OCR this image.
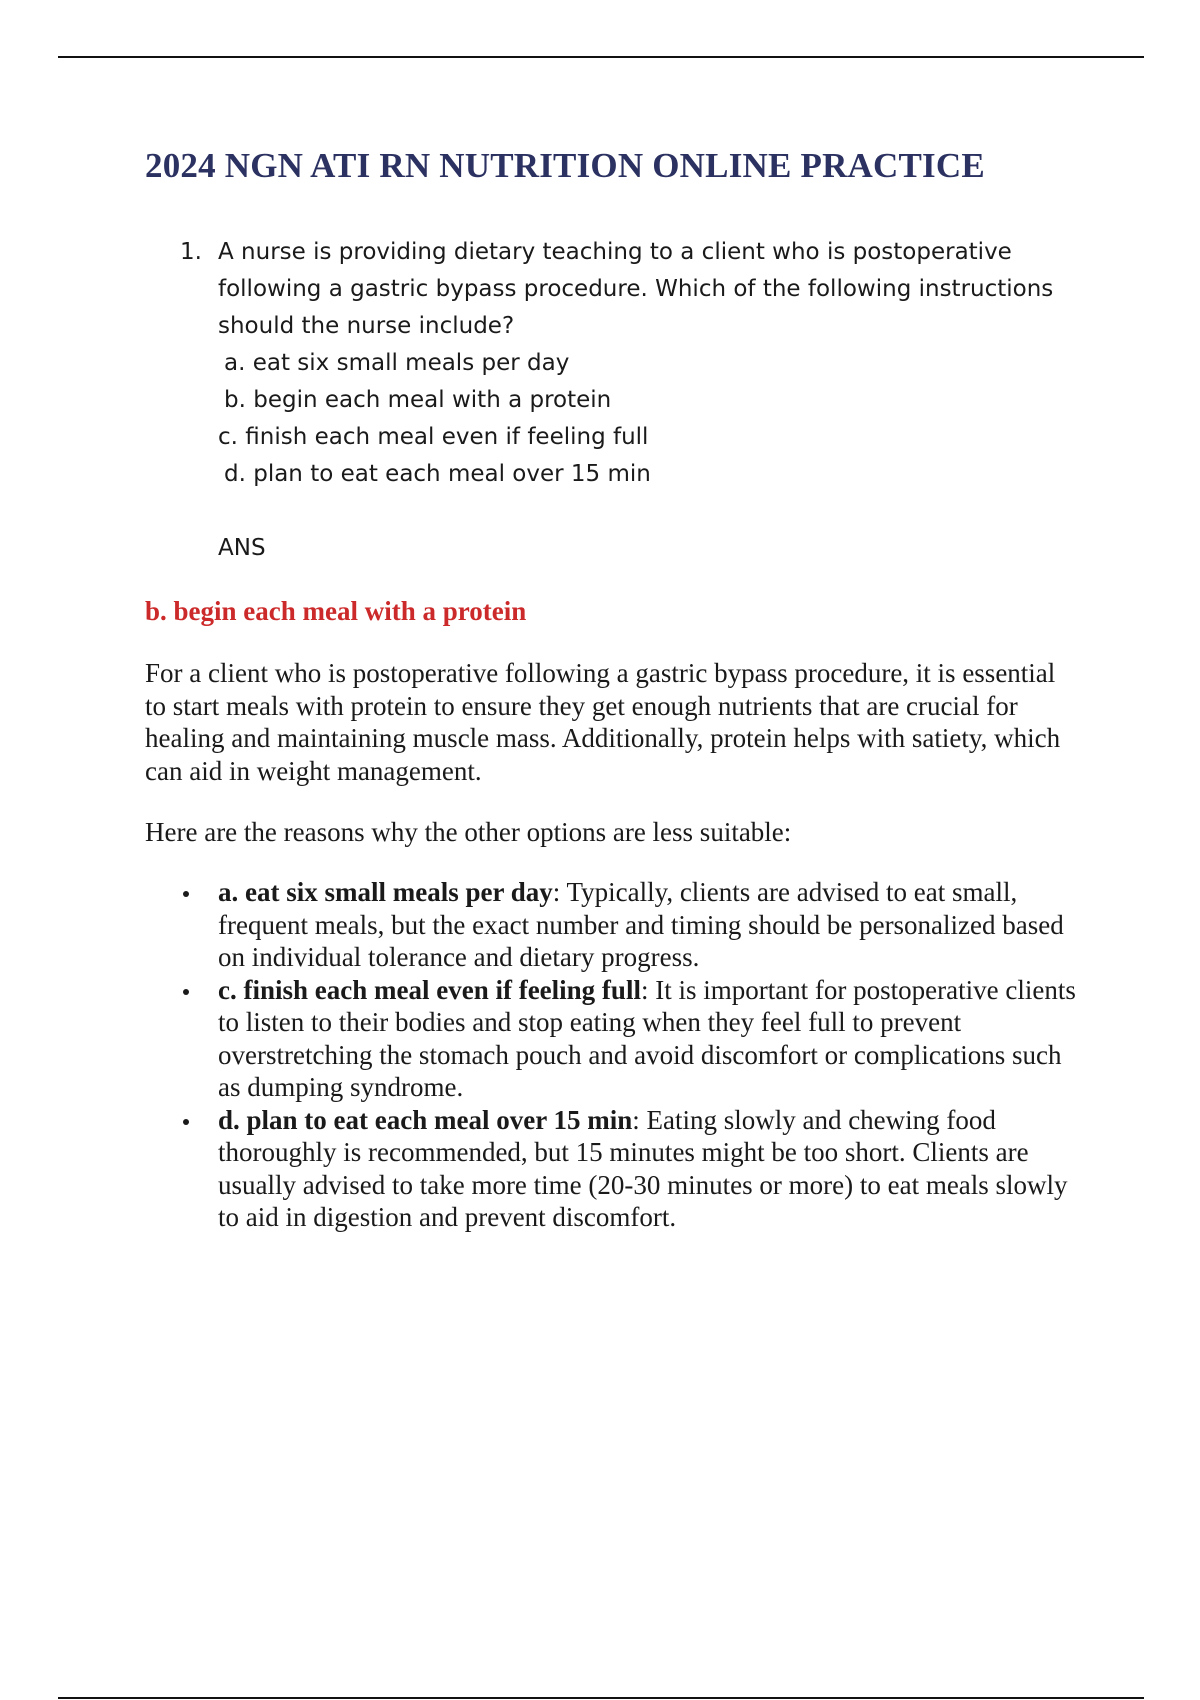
2024 NGN ATI RN NUTRITION ONLINE PRACTICE
1. A nurse is providing dietary teaching to a client who is postoperative following a gastric bypass procedure. Which of the following instructions should the nurse include?
a. eat six small meals per day
b. begin each meal with a protein
c. finish each meal even if feeling full
d. plan to eat each meal over 15 min
ANS

b. begin each meal with a protein

For a client who is postoperative following a gastric bypass procedure, it is essential to start meals with protein to ensure they get enough nutrients that are crucial for healing and maintaining muscle mass. Additionally, protein helps with satiety, which can aid in weight management.

Here are the reasons why the other options are less suitable:

a. eat six small meals per day: Typically, clients are advised to eat small, frequent meals, but the exact number and timing should be personalized based on individual tolerance and dietary progress.
c. finish each meal even if feeling full: It is important for postoperative clients to listen to their bodies and stop eating when they feel full to prevent overstretching the stomach pouch and avoid discomfort or complications such as dumping syndrome.
d. plan to eat each meal over 15 min: Eating slowly and chewing food thoroughly is recommended, but 15 minutes might be too short. Clients are usually advised to take more time (20-30 minutes or more) to eat meals slowly to aid in digestion and prevent discomfort.
